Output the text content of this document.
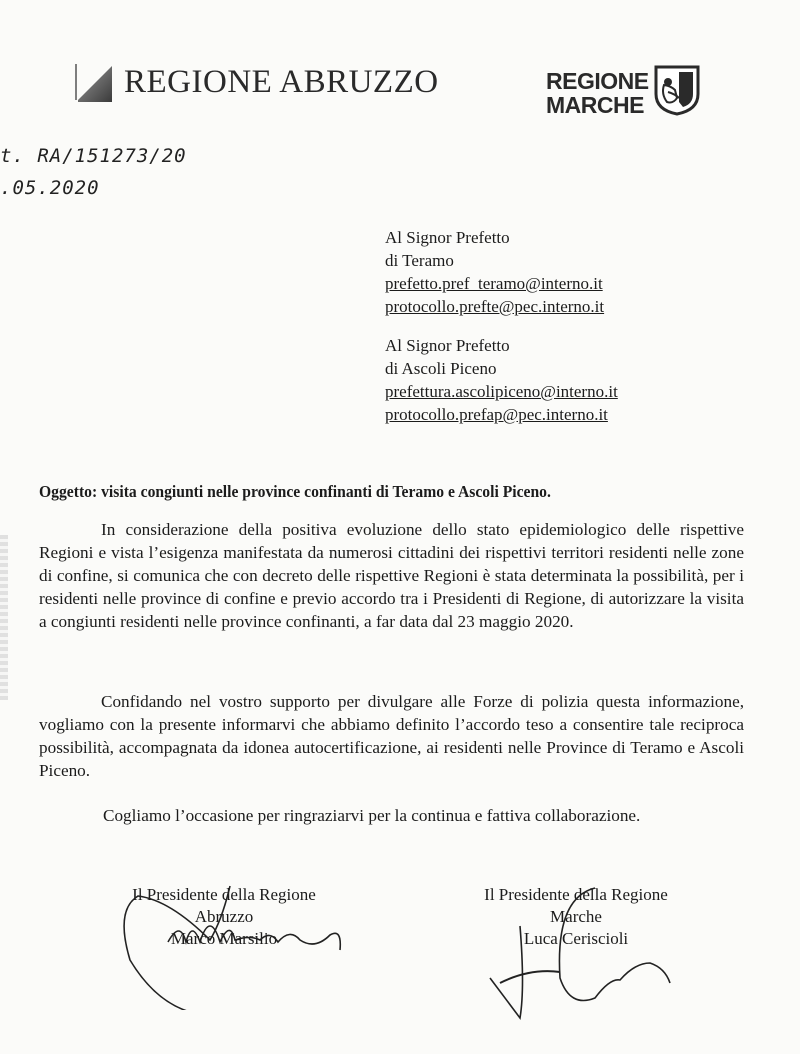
REGIONE ABRUZZO	REGIONE
MARCHE
t. RA/151273/20
.05.2020
Al Signor Prefetto
di Teramo
prefetto.pref_teramo@interno.it
protocollo.prefte@pec.interno.it
Al Signor Prefetto
di Ascoli Piceno
prefettura.ascolipiceno@interno.it
protocollo.prefap@pec.interno.it
Oggetto: visita congiunti nelle province confinanti di Teramo e Ascoli Piceno.

In considerazione della positiva evoluzione dello stato epidemiologico delle rispettive Regioni e vista l’esigenza manifestata da numerosi cittadini dei rispettivi territori residenti nelle zone di confine, si comunica che con decreto delle rispettive Regioni è stata determinata la possibilità, per i residenti nelle province di confine e previo accordo tra i Presidenti di Regione, di autorizzare la visita a congiunti residenti nelle province confinanti, a far data dal 23 maggio 2020.

Confidando nel vostro supporto per divulgare alle Forze di polizia questa informazione, vogliamo con la presente informarvi che abbiamo definito l’accordo teso a consentire tale reciproca possibilità, accompagnata da idonea autocertificazione, ai residenti nelle Province di Teramo e Ascoli Piceno.

Cogliamo l’occasione per ringraziarvi per la continua e fattiva collaborazione.
Il Presidente della Regione
Abruzzo
Marco Marsilio
Il Presidente della Regione
Marche
Luca Ceriscioli
